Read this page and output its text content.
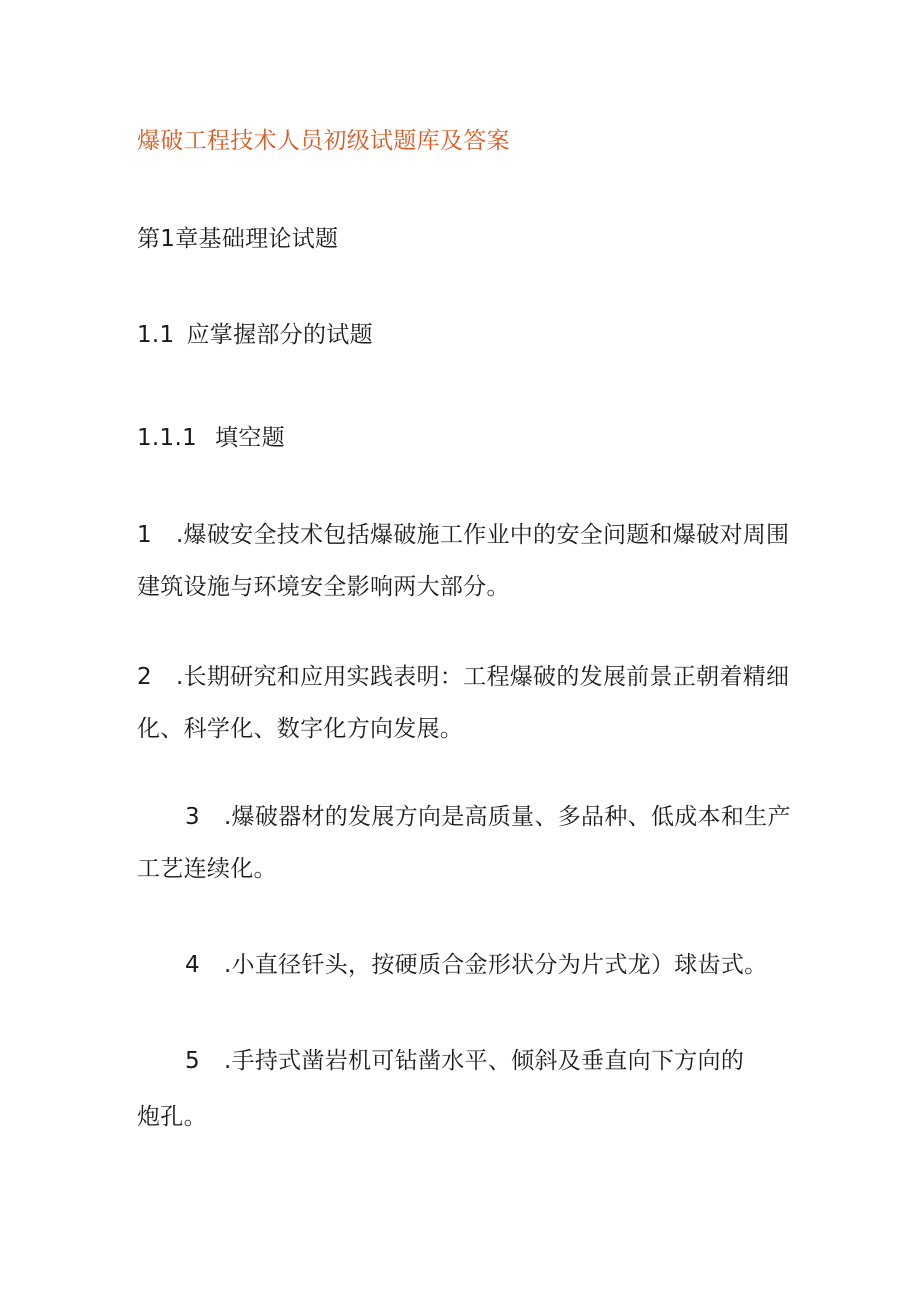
爆破工程技术人员初级试题库及答案
第1章基础理论试题
1.1 应掌握部分的试题
1.1.1 填空题
1 .爆破安全技术包括爆破施工作业中的安全问题和爆破对周围
建筑设施与环境安全影响两大部分。
2 .长期研究和应用实践表明：工程爆破的发展前景正朝着精细
化、科学化、数字化方向发展。
3 .爆破器材的发展方向是高质量、多品种、低成本和生产
工艺连续化。
4 .小直径钎头，按硬质合金形状分为片式龙）球齿式。
5 .手持式凿岩机可钻凿水平、倾斜及垂直向下方向的
炮孔。
